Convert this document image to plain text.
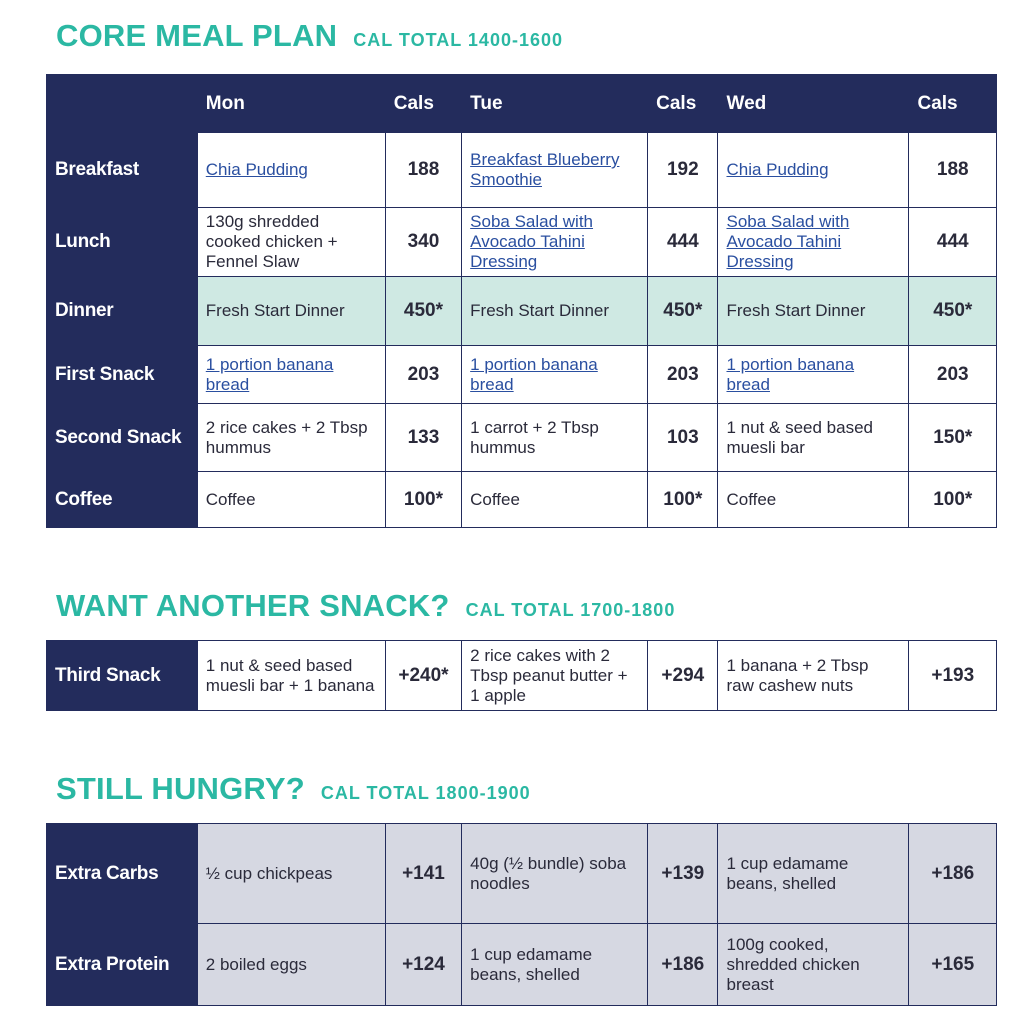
CORE MEAL PLAN CAL TOTAL 1400-1600
	Mon	Cals	Tue	Cals	Wed	Cals
Breakfast	Chia Pudding	188	Breakfast Blueberry Smoothie	192	Chia Pudding	188
Lunch	130g shredded cooked chicken + Fennel Slaw	340	Soba Salad with Avocado Tahini Dressing	444	Soba Salad with Avocado Tahini Dressing	444
Dinner	Fresh Start Dinner	450*	Fresh Start Dinner	450*	Fresh Start Dinner	450*
First Snack	1 portion banana bread	203	1 portion banana bread	203	1 portion banana bread	203
Second Snack	2 rice cakes + 2 Tbsp hummus	133	1 carrot + 2 Tbsp hummus	103	1 nut & seed based muesli bar	150*
Coffee	Coffee	100*	Coffee	100*	Coffee	100*
WANT ANOTHER SNACK? CAL TOTAL 1700-1800
Third Snack	1 nut & seed based muesli bar + 1 banana	+240*	2 rice cakes with 2 Tbsp peanut butter + 1 apple	+294	1 banana + 2 Tbsp raw cashew nuts	+193
STILL HUNGRY? CAL TOTAL 1800-1900
Extra Carbs	½ cup chickpeas	+141	40g (½ bundle) soba noodles	+139	1 cup edamame beans, shelled	+186
Extra Protein	2 boiled eggs	+124	1 cup edamame beans, shelled	+186	100g cooked, shredded chicken breast	+165
